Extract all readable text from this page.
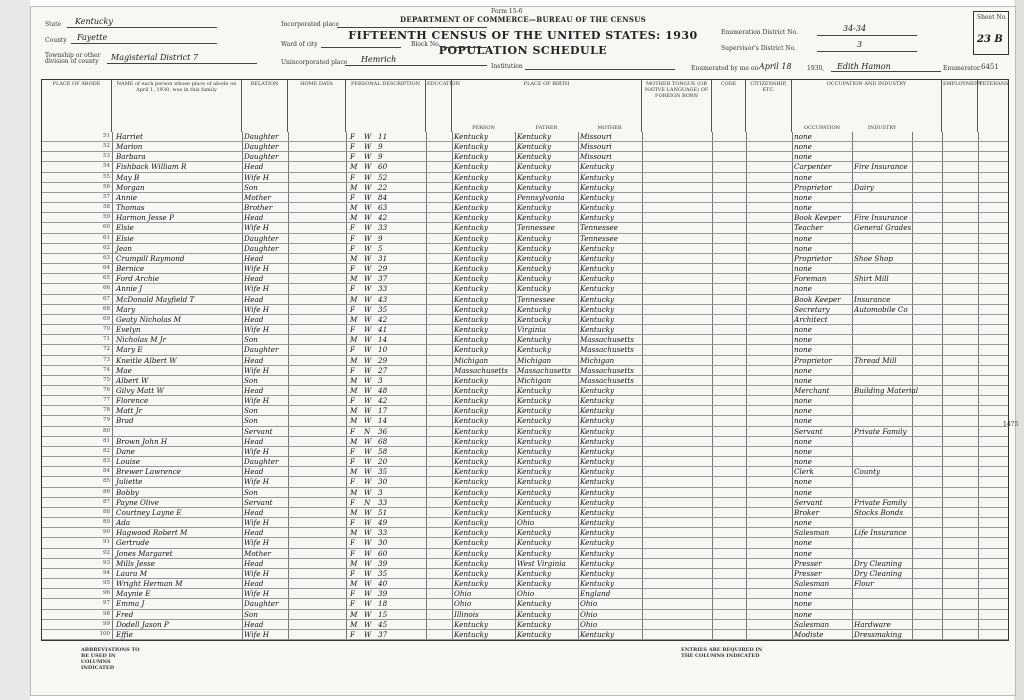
Form 15-6
DEPARTMENT OF COMMERCE—BUREAU OF THE CENSUS
FIFTEENTH CENSUS OF THE UNITED STATES: 1930
POPULATION SCHEDULE
State Kentucky
County Fayette
Township or other division of county	Magisterial District 7
Incorporated place
Ward of city	Block No.
Unincorporated place Hemrich
Institution
Enumeration District No.	34-34
Supervisor's District No.	3
Sheet No.
23 B
Enumerated by me on April 18	1930, Edith Hamon	Enumerator. 6451
PLACE OF ABODE	NAME of each person whose place of abode on April 1, 1930, was in this family
RELATION	HOME DATA	PERSONAL DESCRIPTION	EDUCATION	PLACE OF BIRTH
PERSON	FATHER	MOTHER
MOTHER TONGUE (OR NATIVE LANGUAGE) OF FOREIGN BORN
CODE	CITIZENSHIP, ETC.
OCCUPATION AND INDUSTRY
OCCUPATION	INDUSTRY
EMPLOYMENT
VETERANS
51 Harriet	Daughter	F	W 11	Kentucky	Kentucky	Missouri	none
52 Marion	Daughter	F	W 9	Kentucky	Kentucky	Missouri	none
53 Barbara	Daughter	F	W 9	Kentucky	Kentucky	Missouri	none
54 Fishback William R	Head	M W 60	Kentucky	Kentucky	Kentucky	Carpenter	Fire Insurance
55 May B	Wife H	F	W 52	Kentucky	Kentucky	Kentucky	none
56 Morgan	Son	M W 22	Kentucky	Kentucky	Kentucky	Proprietor	Dairy
57 Annie	Mother	F	W 84	Kentucky	Pennsylvania	Kentucky	none
58 Thomas	Brother	M W 63	Kentucky	Kentucky	Kentucky	none
59 Harmon Jesse P	Head	M W 42	Kentucky	Kentucky	Kentucky	Book Keeper	Fire Insurance
60 Elsie	Wife H	F	W 33	Kentucky	Tennessee	Tennessee	Teacher	General Grades
61 Elsie	Daughter	F	W 9	Kentucky	Kentucky	Tennessee	none
62 Jean	Daughter	F	W 5	Kentucky	Kentucky	Kentucky	none
63 Crumpill Raymond	Head	M W 31	Kentucky	Kentucky	Kentucky	Proprietor	Shoe Shop
64 Bernice	Wife H	F	W 29	Kentucky	Kentucky	Kentucky	none
65 Ford Archie	Head	M W 37	Kentucky	Kentucky	Kentucky	Foreman	Shirt Mill
66 Annie J	Wife H	F	W 33	Kentucky	Kentucky	Kentucky	none
67 McDonald Mayfield T	Head	M W 43	Kentucky	Tennessee	Kentucky	Book Keeper	Insurance
68 Mary	Wife H	F	W 35	Kentucky	Kentucky	Kentucky	Secretary	Automobile Co
69 Geaty Nicholas M	Head	M W 42	Kentucky	Kentucky	Kentucky	Architect
70 Evelyn	Wife H	F	W 41	Kentucky	Virginia	Kentucky	none
71 Nicholas M Jr	Son	M W 14	Kentucky	Kentucky	Massachusetts	none
72 Mary E	Daughter	F	W 10	Kentucky	Kentucky	Massachusetts	none
73 Kneitle Albert W	Head	M W 29	Michigan	Michigan	Michigan	Proprietor	Thread Mill
74 Mae	Wife H	F	W 27	Massachusetts	Massachusetts	Massachusetts	none
75 Albert W	Son	M W 3	Kentucky	Michigan	Massachusetts	none
76 Gilvy Matt W	Head	M W 48	Kentucky	Kentucky	Kentucky	Merchant	Building Material
77 Florence	Wife H	F	W 42	Kentucky	Kentucky	Kentucky	none
78 Matt Jr	Son	M W 17	Kentucky	Kentucky	Kentucky	none
79 Brad	Son	M W 14	Kentucky	Kentucky	Kentucky	none
80	Servant	F	N	36	Kentucky	Kentucky	Kentucky	Servant	Private Family
81 Brown John H	Head	M W 68	Kentucky	Kentucky	Kentucky	none
82 Dane	Wife H	F	W 58	Kentucky	Kentucky	Kentucky	none
83 Louise	Daughter	F	W 20	Kentucky	Kentucky	Kentucky	none
84 Brewer Lawrence	Head	M W 35	Kentucky	Kentucky	Kentucky	Clerk	County
85 Juliette	Wife H	F	W 30	Kentucky	Kentucky	Kentucky	none
86 Bobby	Son	M W 3	Kentucky	Kentucky	Kentucky	none
87 Payne Olive	Servant	F	N	33	Kentucky	Kentucky	Kentucky	Servant	Private Family
88 Courtney Layne E	Head	M W 51	Kentucky	Kentucky	Kentucky	Broker	Stocks Bonds
89 Ada	Wife H	F	W 49	Kentucky	Ohio	Kentucky	none
90 Hagwood Robert M	Head	M W 33	Kentucky	Kentucky	Kentucky	Salesman	Life Insurance
91 Gertrude	Wife H	F	W 30	Kentucky	Kentucky	Kentucky	none
92 Jones Margaret	Mother	F	W 60	Kentucky	Kentucky	Kentucky	none
93 Mills Jesse	Head	M W 39	Kentucky	West Virginia	Kentucky	Presser	Dry Cleaning
94 Laura M	Wife H	F	W 35	Kentucky	Kentucky	Kentucky	Presser	Dry Cleaning
95 Wright Herman M	Head	M W 40	Kentucky	Kentucky	Kentucky	Salesman	Flour
96 Maynie E	Wife H	F	W 39	Ohio	Ohio	England	none
97 Emma J	Daughter	F	W 18	Ohio	Kentucky	Ohio	none
98 Fred	Son	M W 15	Illinois	Kentucky	Ohio	none
99 Dodell Jason P	Head	M W 45	Kentucky	Kentucky	Ohio	Salesman	Hardware
100 Effie	Wife H	F	W 37	Kentucky	Kentucky	Kentucky	Modiste	Dressmaking
ABBREVIATIONS TO BE USED IN COLUMNS INDICATED
ENTRIES ARE REQUIRED IN THE COLUMNS INDICATED
1475
